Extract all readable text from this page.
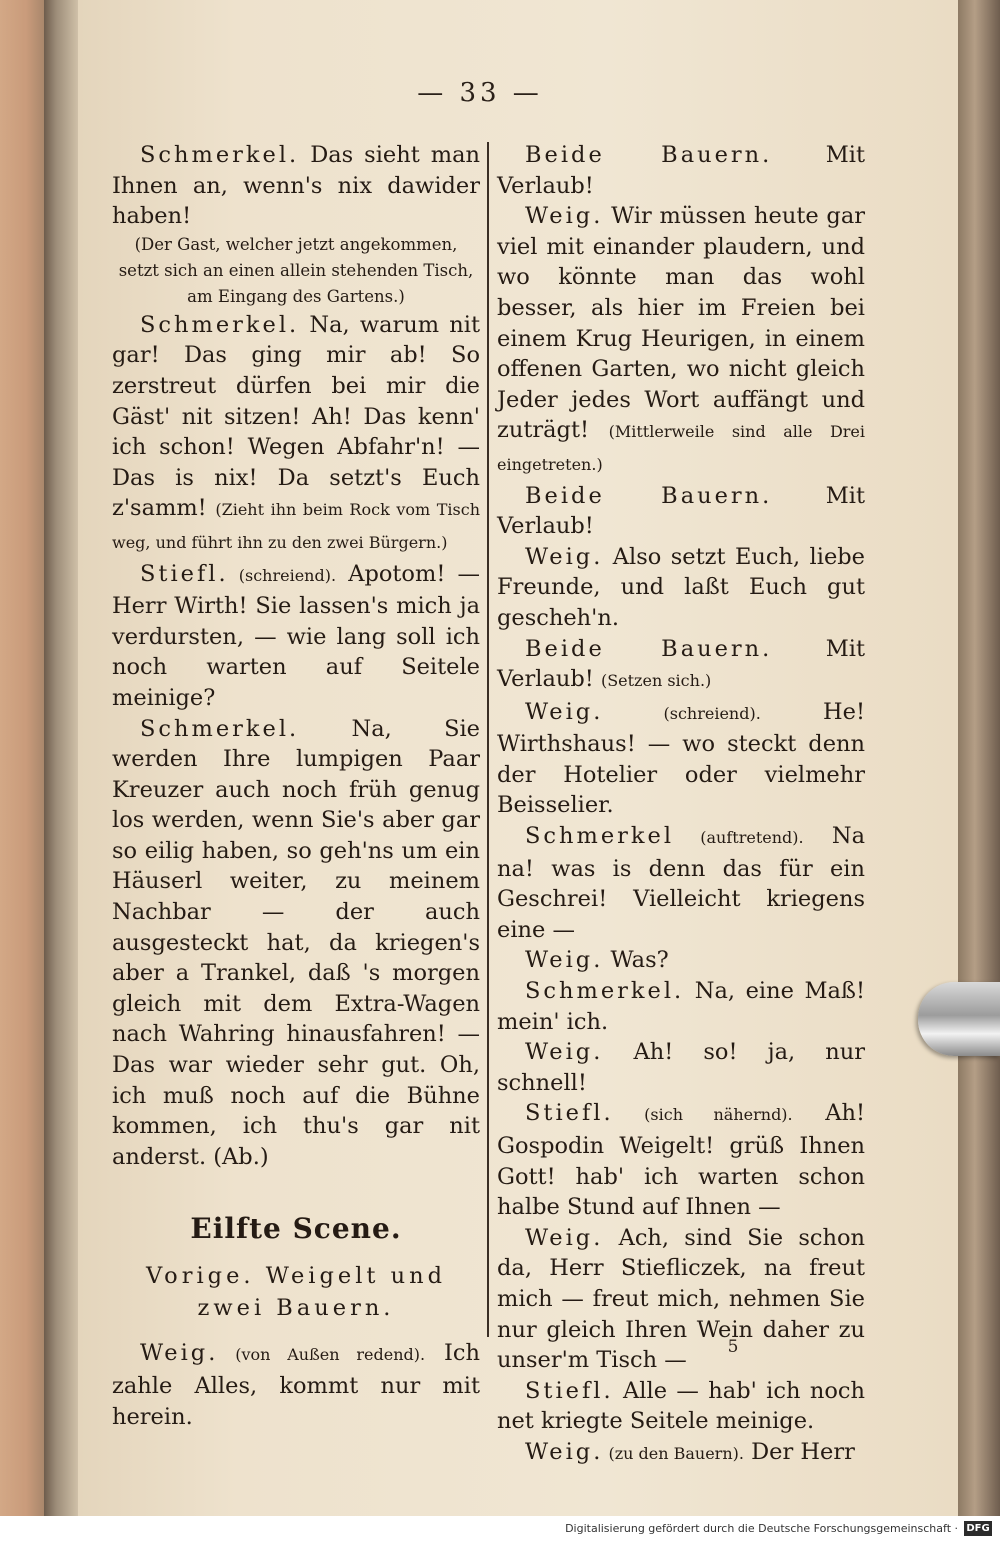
— 33 —

Schmerkel. Das sieht man Ihnen an, wenn's nix dawider haben!

(Der Gast, welcher jetzt angekommen, setzt sich an einen allein stehenden Tisch, am Eingang des Gartens.)

Schmerkel. Na, warum nit gar! Das ging mir ab! So zerstreut dürfen bei mir die Gäst' nit sitzen! Ah! Das kenn' ich schon! Wegen Abfahr'n! — Das is nix! Da setzt's Euch z'samm! (Zieht ihn beim Rock vom Tisch weg, und führt ihn zu den zwei Bürgern.)

Stiefl. (schreiend). Apotom! — Herr Wirth! Sie lassen's mich ja verdursten, — wie lang soll ich noch warten auf Seitele meinige?

Schmerkel. Na, Sie werden Ihre lumpigen Paar Kreuzer auch noch früh genug los werden, wenn Sie's aber gar so eilig haben, so geh'ns um ein Häuserl weiter, zu meinem Nachbar — der auch ausgesteckt hat, da kriegen's aber a Trankel, daß 's morgen gleich mit dem Extra-Wagen nach Wahring hinausfahren! — Das war wieder sehr gut. Oh, ich muß noch auf die Bühne kommen, ich thu's gar nit anderst. (Ab.)

Eilfte Scene.
Vorige. Weigelt und zwei Bauern.

Weig. (von Außen redend). Ich zahle Alles, kommt nur mit herein.

Beide Bauern. Mit Verlaub!

Weig. Wir müssen heute gar viel mit einander plaudern, und wo könnte man das wohl besser, als hier im Freien bei einem Krug Heurigen, in einem offenen Garten, wo nicht gleich Jeder jedes Wort auffängt und zuträgt! (Mittlerweile sind alle Drei eingetreten.)

Beide Bauern. Mit Verlaub!

Weig. Also setzt Euch, liebe Freunde, und laßt Euch gut gescheh'n.

Beide Bauern. Mit Verlaub! (Setzen sich.)

Weig. (schreiend). He! Wirthshaus! — wo steckt denn der Hotelier oder vielmehr Beisselier.

Schmerkel (auftretend). Na na! was is denn das für ein Geschrei! Vielleicht kriegens eine —

Weig. Was?

Schmerkel. Na, eine Maß! mein' ich.

Weig. Ah! so! ja, nur schnell!

Stiefl. (sich nähernd). Ah! Gospodin Weigelt! grüß Ihnen Gott! hab' ich warten schon halbe Stund auf Ihnen —

Weig. Ach, sind Sie schon da, Herr Stiefliczek, na freut mich — freut mich, nehmen Sie nur gleich Ihren Wein daher zu unser'm Tisch —

Stiefl. Alle — hab' ich noch net kriegte Seitele meinige.

Weig. (zu den Bauern). Der Herr

5
Digitalisierung gefördert durch die Deutsche Forschungsgemeinschaft · DFG
